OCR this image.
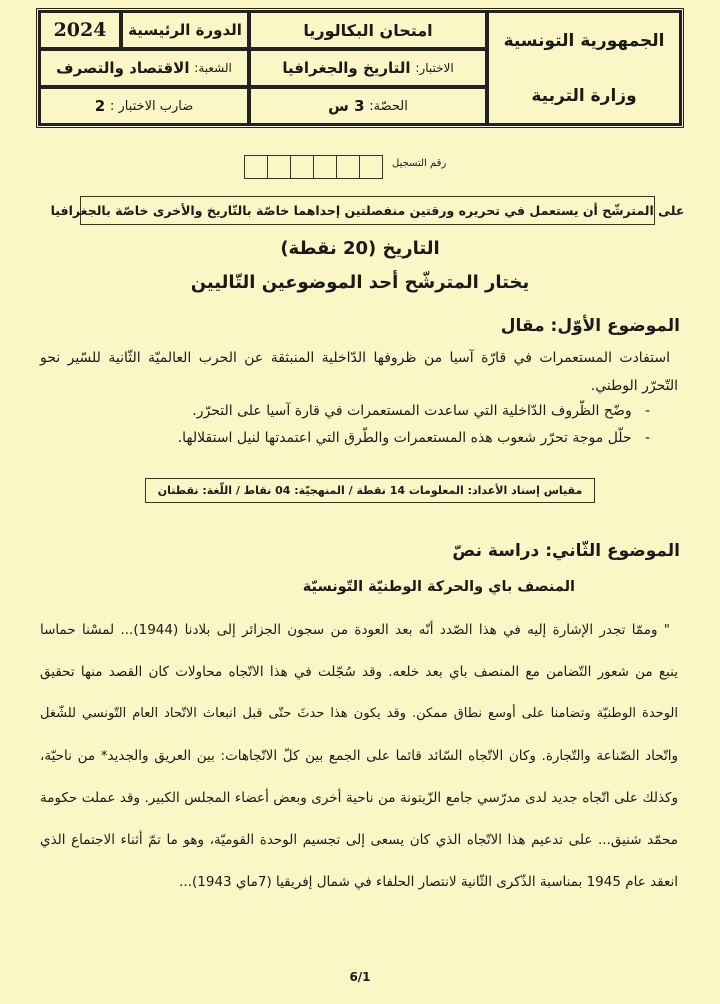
الجمهورية التونسية
وزارة التربية
امتحان البكالوريا
الاختبار:

التاريخ والجغرافيا
الحصّة:

3 س
الدورة الرئيسية
2024
الشعبة:

الاقتصاد والتصرف
ضارب الاختبار :

2
رقم التسجيل
على المترشّح أن يستعمل في تحريره ورقتين منفصلتين إحداهما خاصّة بالتّاريخ والأخرى خاصّة بالجغرافيا
التاريخ (20 نقطة)
يختار المترشّح أحد الموضوعين التّاليين
الموضوع الأوّل: مقال
استفادت المستعمرات في قارّة آسيا من ظروفها الدّاخلية المنبثقة عن الحرب العالميّة الثّانية للسّير نحو
التّحرّر الوطني.
-   وضّح الظّروف الدّاخلية التي ساعدت المستعمرات في قارة آسيا على التحرّر.
-   حلّل موجة تحرّر شعوب هذه المستعمرات والطّرق التي اعتمدتها لنيل استقلالها.
مقياس إسناد الأعداد: المعلومات 14 نقطة / المنهجيّة: 04 نقاط / اللّغة: نقطتان
الموضوع الثّاني: دراسة نصّ
المنصف باي والحركة الوطنيّة التّونسيّة
" وممّا تجدر الإشارة إليه في هذا الصّدد أنّه بعد العودة من سجون الجزائر إلى بلادنا (1944)... لمسْنا حماسا
ينبع من شعور التّضامن مع المنصف باي بعد خلعه. وقد سُجّلت في هذا الاتّجاه محاولات كان القصد منها تحقيق
الوحدة الوطنيّة وتضامنا على أوسع نطاق ممكن. وقد يكون هذا حدثَ حتّى قبل انبعاث الاتّحاد العام التّونسي للشّغل
واتّحاد الصّناعة والتّجارة. وكان الاتّجاه السّائد قائما على الجمع بين كلّ الاتّجاهات: بين العريق والجديد* من ناحيّة،
وكذلك على اتّجاه جديد لدى مدرّسي جامع الزّيتونة من ناحية أخرى وبعض أعضاء المجلس الكبير. وقد عملت حكومة
محمّد شنيق... على تدعيم هذا الاتّجاه الذي كان يسعى إلى تجسيم الوحدة القوميّة، وهو ما تمّ أثناء الاجتماع الذي
انعقد عام 1945 بمناسبة الذّكرى الثّانية لانتصار الحلفاء في شمال إفريقيا (7ماي 1943)...
6/1
